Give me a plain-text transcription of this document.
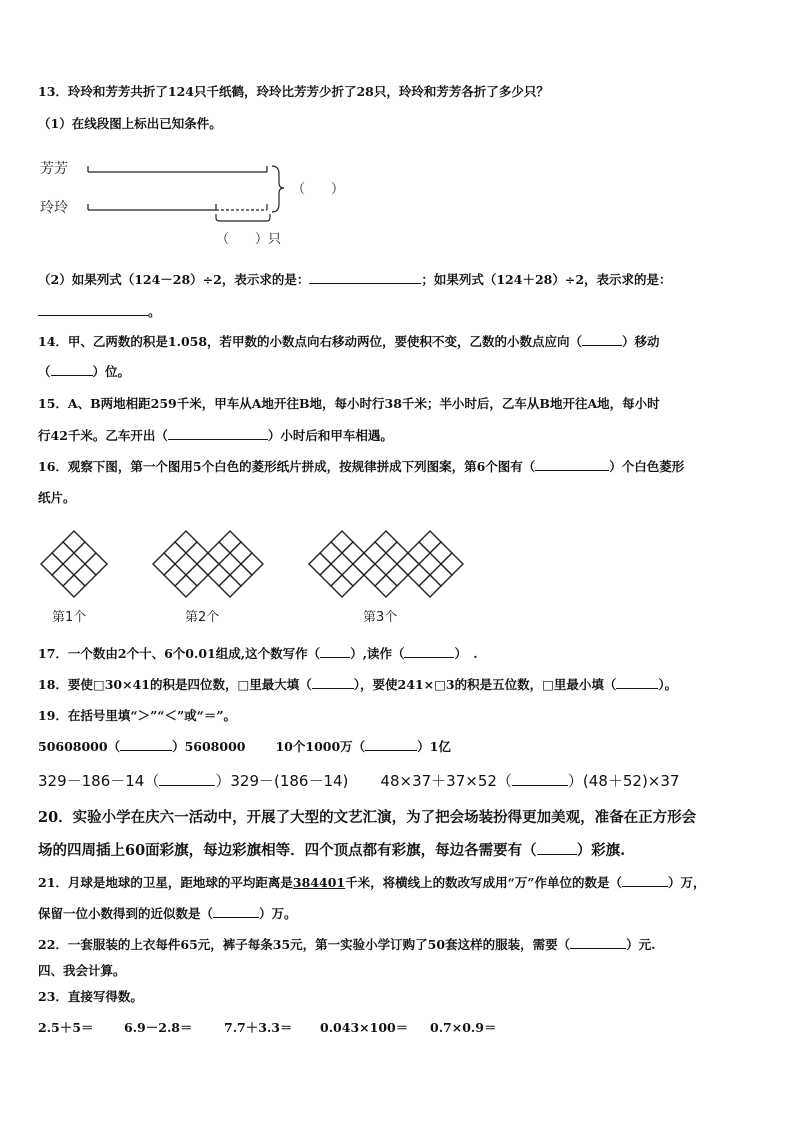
13．玲玲和芳芳共折了124只千纸鹤，玲玲比芳芳少折了28只，玲玲和芳芳各折了多少只？
（1）在线段图上标出已知条件。
芳芳
玲玲
（　　）
（　　）只
（2）如果列式（124－28）÷2，表示求的是：	；如果列式（124＋28）÷2，表示求的是：
。
14．甲、乙两数的积是1.058，若甲数的小数点向右移动两位，要使积不变，乙数的小数点应向（	）移动
（	）位。
15．A、B两地相距259千米，甲车从A地开往B地，每小时行38千米；半小时后，乙车从B地开往A地，每小时
行42千米。乙车开出（	）小时后和甲车相遇。
16．观察下图，第一个图用5个白色的菱形纸片拼成，按规律拼成下列图案，第6个图有（	）个白色菱形
纸片。
第1个	第2个	第3个
17．一个数由2个十、6个0.01组成,这个数写作（ ）,读作（	）　.
18．要使□30×41的积是四位数，□里最大填（	），要使241×□3的积是五位数，□里最小填（	）。
19．在括号里填“＞”“＜”或“＝”。
50608000（	）5608000 10个1000万（	）1亿
329－186－14（	）329－(186－14) 48×37＋37×52（	）(48＋52)×37
20．实验小学在庆六一活动中，开展了大型的文艺汇演，为了把会场装扮得更加美观，准备在正方形会
场的四周插上60面彩旗，每边彩旗相等．四个顶点都有彩旗，每边各需要有（	）彩旗.
21．月球是地球的卫星，距地球的平均距离是384401千米，将横线上的数改写成用“万”作单位的数是（	）万，
保留一位小数得到的近似数是（	）万。
22．一套服装的上衣每件65元，裤子每条35元，第一实验小学订购了50套这样的服装，需要（	）元.
四、我会计算。
23．直接写得数。
2.5＋5＝ 6.9－2.8＝	7.7＋3.3＝ 0.043×100＝ 0.7×0.9＝
